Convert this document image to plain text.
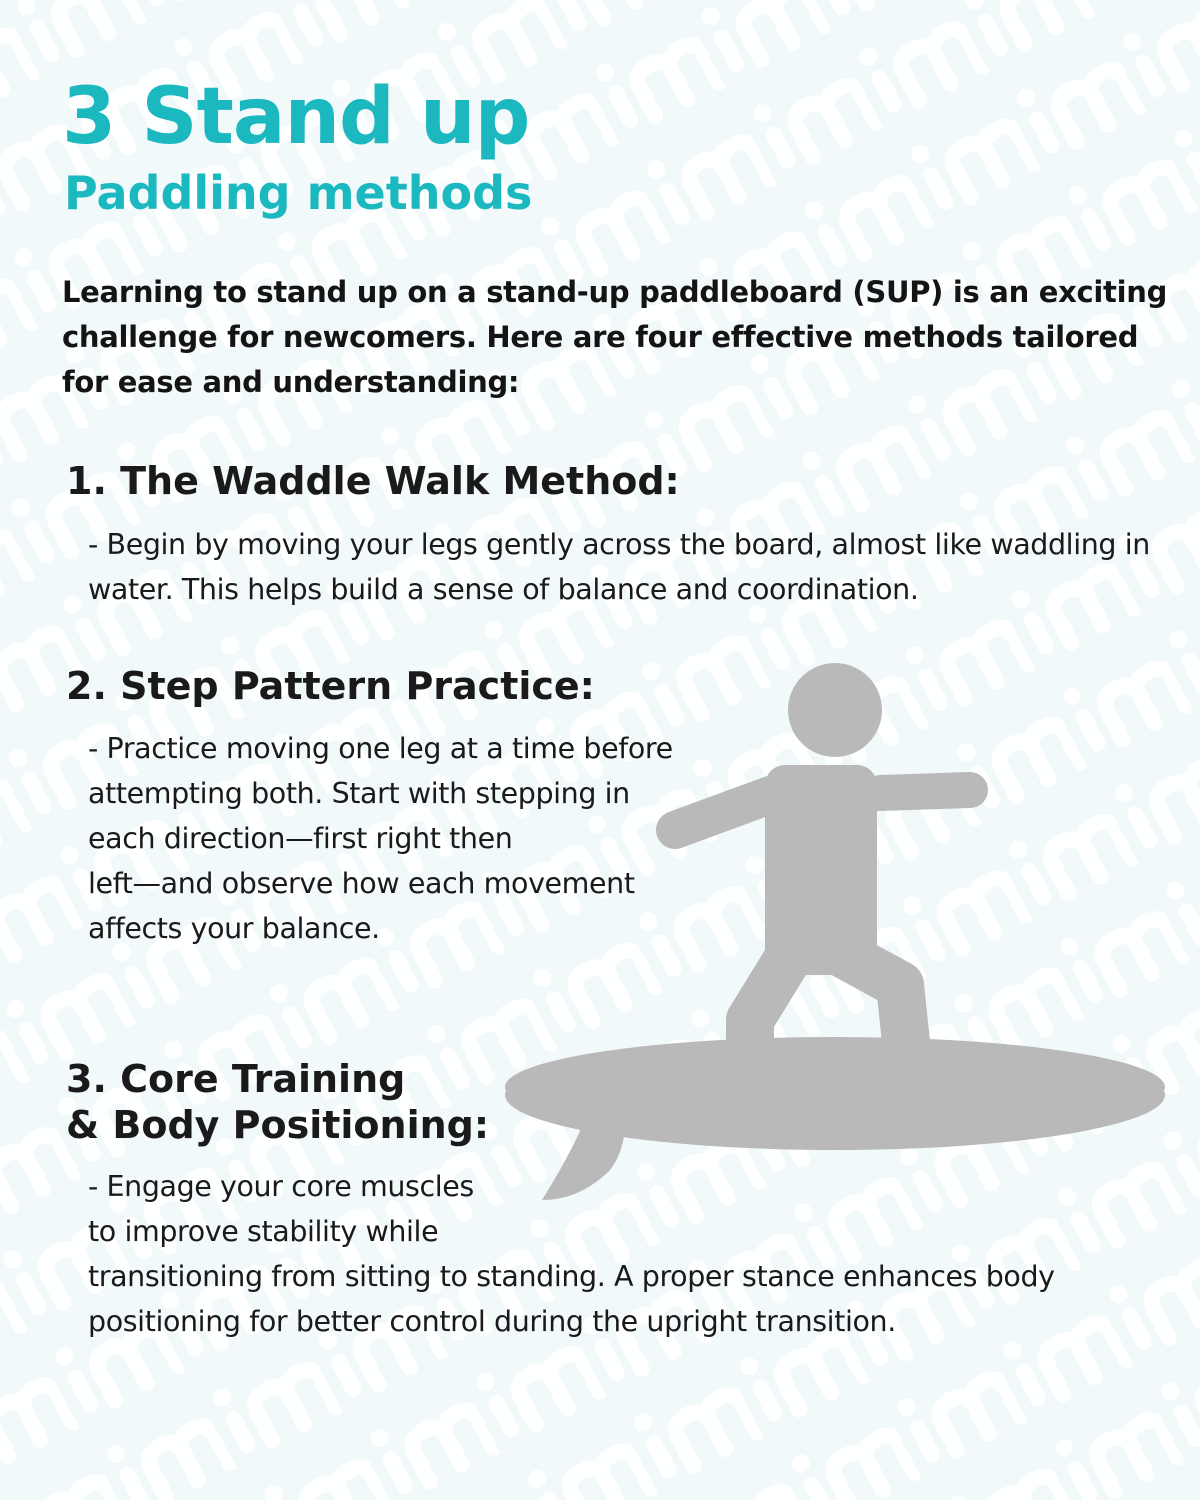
3 Stand up
Paddling methods

Learning to stand up on a stand-up paddleboard (SUP) is an exciting challenge for newcomers. Here are four effective methods tailored for ease and understanding:

1. The Waddle Walk Method:

- Begin by moving your legs gently across the board, almost like waddling in water. This helps build a sense of balance and coordination.

2. Step Pattern Practice:

- Practice moving one leg at a time before
attempting both. Start with stepping in
each direction—first right then
left—and observe how each movement
affects your balance.

3. Core Training
& Body Positioning:

- Engage your core muscles
to improve stability while
transitioning from sitting to standing. A proper stance enhances body
positioning for better control during the upright transition.
